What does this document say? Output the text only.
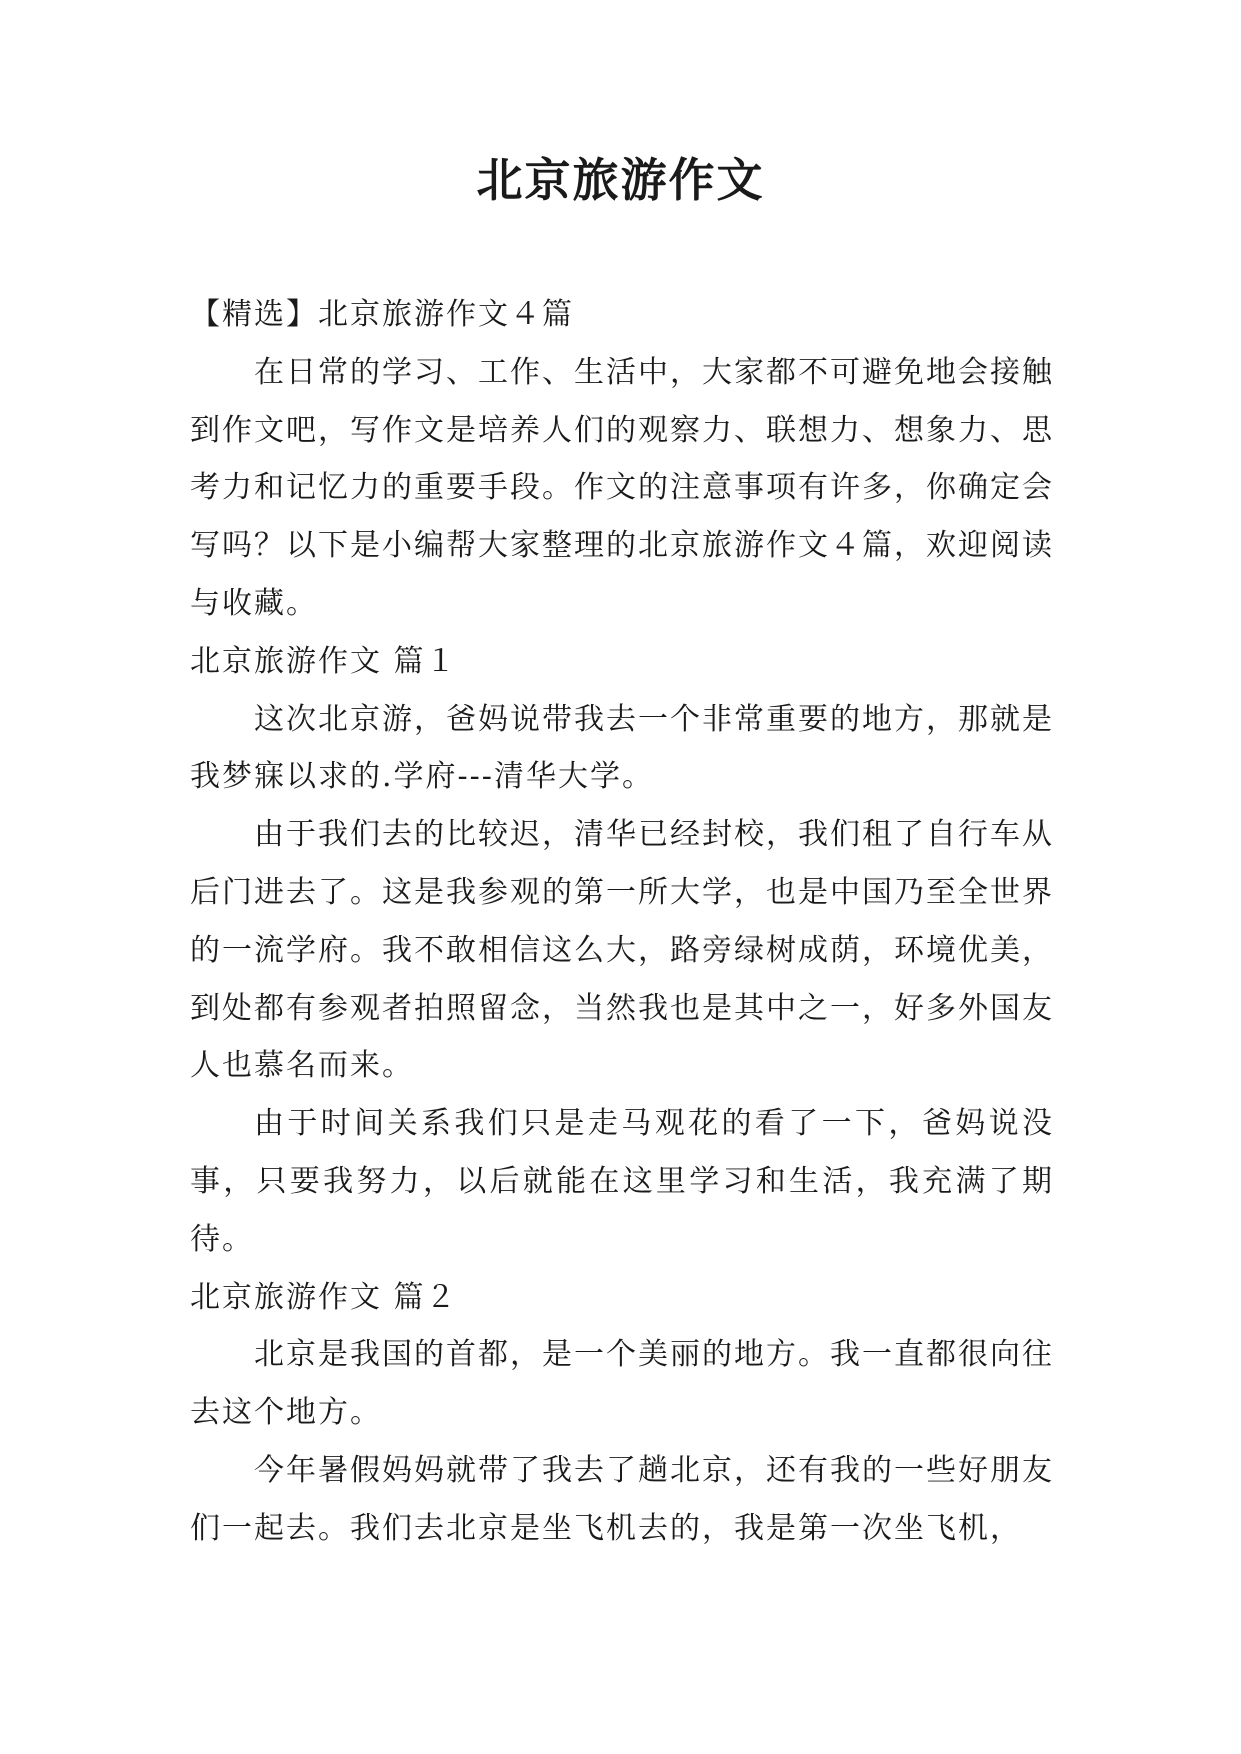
北京旅游作文

【精选】北京旅游作文４篇

在日常的学习、工作、生活中，大家都不可避免地会接触到作文吧，写作文是培养人们的观察力、联想力、想象力、思考力和记忆力的重要手段。作文的注意事项有许多，你确定会写吗？以下是小编帮大家整理的北京旅游作文４篇，欢迎阅读与收藏。

北京旅游作文 篇１

这次北京游，爸妈说带我去一个非常重要的地方，那就是我梦寐以求的.学府---清华大学。

由于我们去的比较迟，清华已经封校，我们租了自行车从后门进去了。这是我参观的第一所大学，也是中国乃至全世界的一流学府。我不敢相信这么大，路旁绿树成荫，环境优美，到处都有参观者拍照留念，当然我也是其中之一，好多外国友人也慕名而来。

由于时间关系我们只是走马观花的看了一下，爸妈说没事，只要我努力，以后就能在这里学习和生活，我充满了期待。

北京旅游作文 篇２

北京是我国的首都，是一个美丽的地方。我一直都很向往去这个地方。

今年暑假妈妈就带了我去了趟北京，还有我的一些好朋友们一起去。我们去北京是坐飞机去的，我是第一次坐飞机，
